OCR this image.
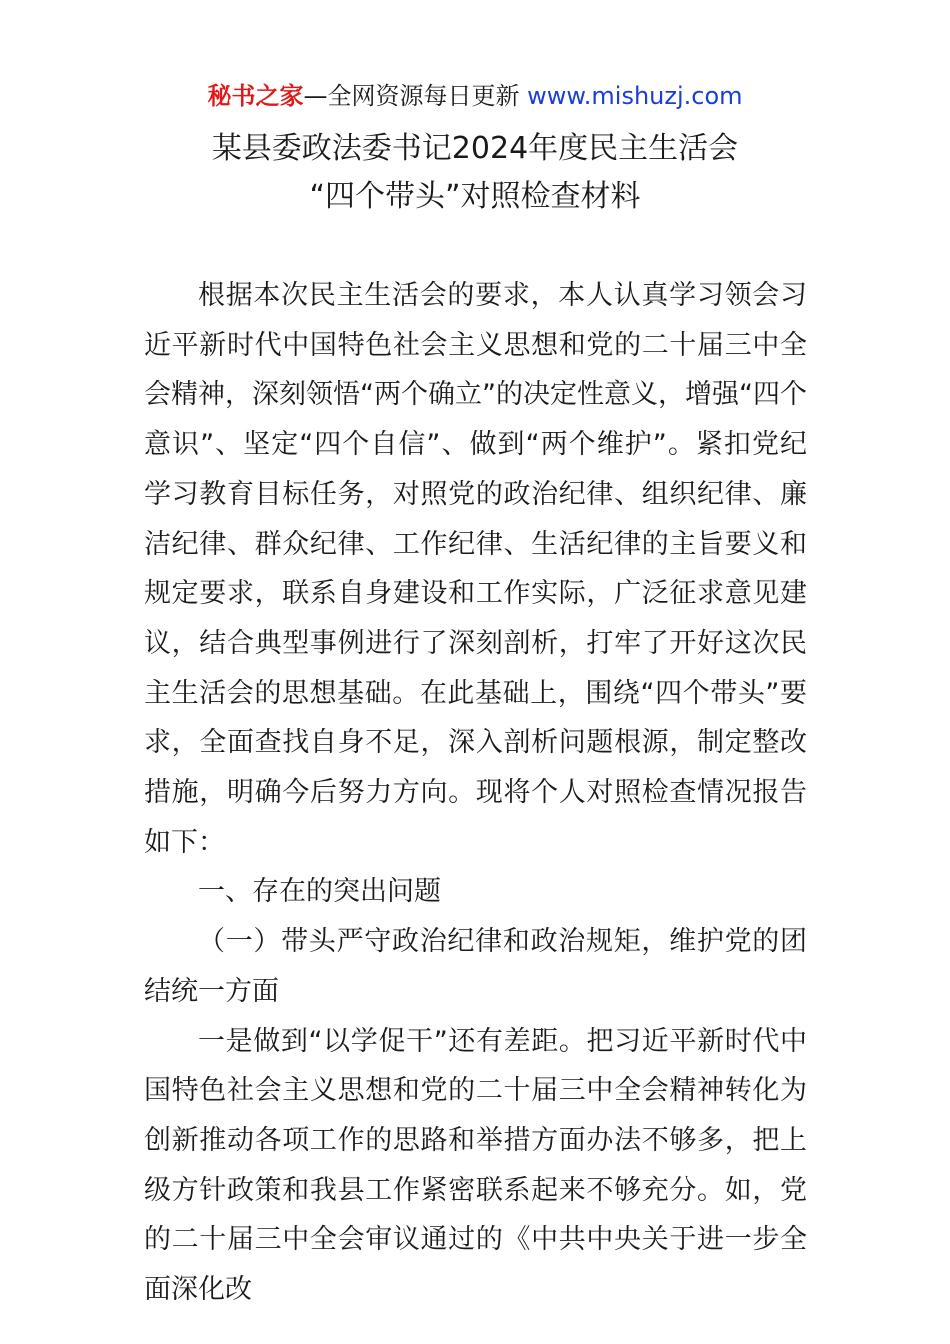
秘书之家—全网资源每日更新 www.mishuzj.com
某县委政法委书记2024年度民主生活会
“四个带头”对照检查材料

根据本次民主生活会的要求，本人认真学习领会习近平新时代中国特色社会主义思想和党的二十届三中全会精神，深刻领悟“两个确立”的决定性意义，增强“四个意识”、坚定“四个自信”、做到“两个维护”。紧扣党纪学习教育目标任务，对照党的政治纪律、组织纪律、廉洁纪律、群众纪律、工作纪律、生活纪律的主旨要义和规定要求，联系自身建设和工作实际，广泛征求意见建议，结合典型事例进行了深刻剖析，打牢了开好这次民主生活会的思想基础。在此基础上，围绕“四个带头”要求，全面查找自身不足，深入剖析问题根源，制定整改措施，明确今后努力方向。现将个人对照检查情况报告如下：

一、存在的突出问题

（一）带头严守政治纪律和政治规矩，维护党的团结统一方面

一是做到“以学促干”还有差距。把习近平新时代中国特色社会主义思想和党的二十届三中全会精神转化为创新推动各项工作的思路和举措方面办法不够多，把上级方针政策和我县工作紧密联系起来不够充分。如，党的二十届三中全会审议通过的《中共中央关于进一步全面深化改
